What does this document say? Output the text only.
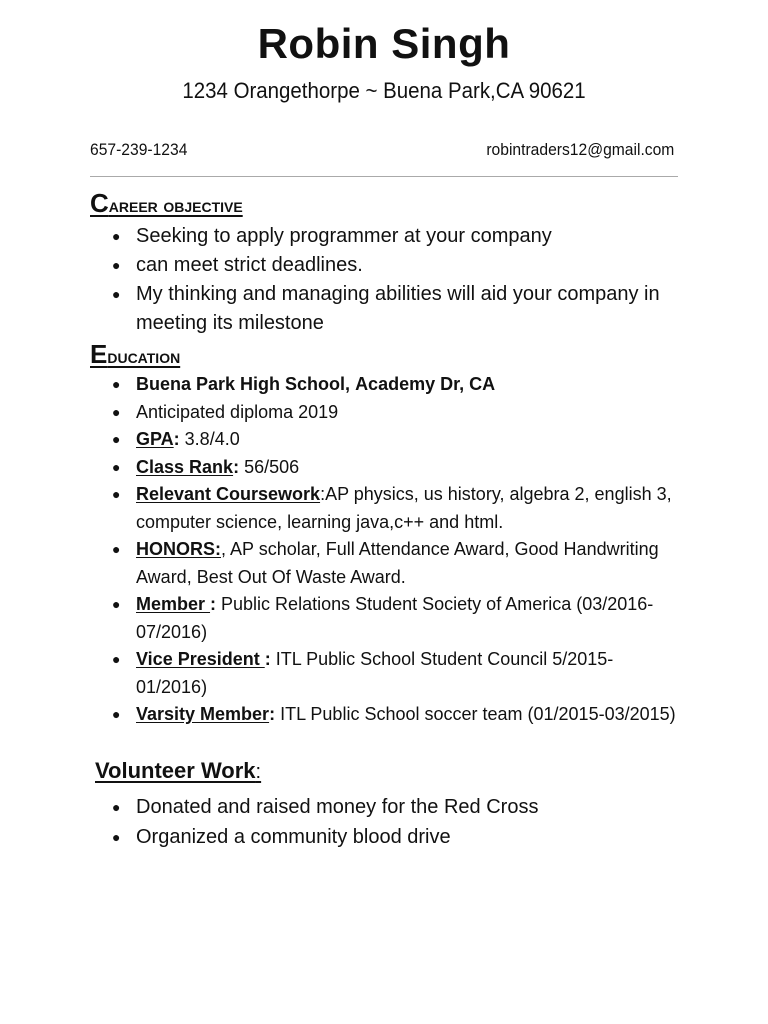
Robin Singh
1234 Orangethorpe ~ Buena Park,CA 90621
657-239-1234	robintraders12@gmail.com
Career objective
● Seeking to apply programmer at your company
● can meet strict deadlines.
● My thinking and managing abilities will aid your company in meeting its milestone
Education
● Buena Park High School, Academy Dr, CA
● Anticipated diploma 2019
● GPA: 3.8/4.0
● Class Rank: 56/506
● Relevant Coursework:AP physics, us history, algebra 2, english 3, computer science, learning java,c++ and html.
● HONORS:, AP scholar, Full Attendance Award, Good Handwriting Award, Best Out Of Waste Award.
● Member : Public Relations Student Society of America (03/2016-07/2016)
● Vice President : ITL Public School Student Council 5/2015-01/2016)
● Varsity Member: ITL Public School soccer team (01/2015-03/2015)
Volunteer Work:
● Donated and raised money for the Red Cross
● Organized a community blood drive
